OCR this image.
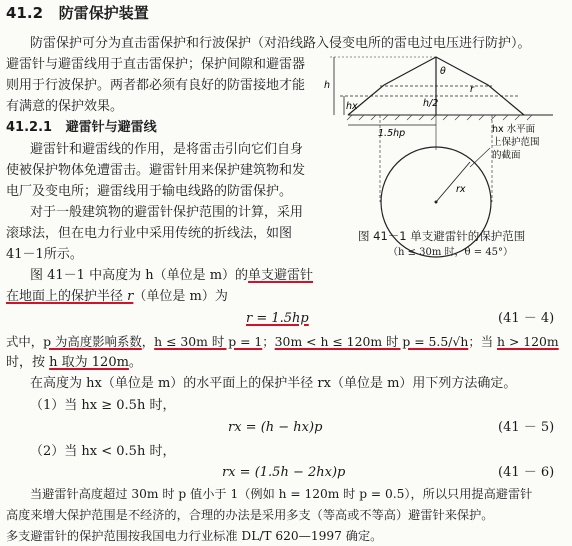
41.2 防雷保护装置
防雷保护可分为直击雷保护和行波保护（对沿线路入侵变电所的雷电过电压进行防护）。
避雷针与避雷线用于直击雷保护；保护间隙和避雷器
则用于行波保护。两者都必须有良好的防雷接地才能
有满意的保护效果。
41.2.1 避雷针与避雷线
避雷针和避雷线的作用，是将雷击引向它们自身
使被保护物体免遭雷击。避雷针用来保护建筑物和发
电厂及变电所；避雷线用于输电线路的防雷保护。
对于一般建筑物的避雷针保护范围的计算，采用
滚球法，但在电力行业中采用传统的折线法，如图
41－1所示。
图 41－1 中高度为 h（单位是 m）的单支避雷针
在地面上的保护半径 r（单位是 m）为
r = 1.5hp	(41 － 4)
式中，p 为高度影响系数，h ≤ 30m 时 p = 1；30m < h ≤ 120m 时 p = 5.5/√h；当 h > 120m
时，按 h 取为 120m。
在高度为 hx（单位是 m）的水平面上的保护半径 rx（单位是 m）用下列方法确定。
（1）当 hx ≥ 0.5h 时，
rx = (h − hx)p	(41 － 5)
（2）当 hx < 0.5h 时，
rx = (1.5h − 2hx)p	(41 － 6)
当避雷针高度超过 30m 时 p 值小于 1（例如 h = 120m 时 p = 0.5），所以只用提高避雷针
高度来增大保护范围是不经济的，合理的办法是采用多支（等高或不等高）避雷针来保护。
多支避雷针的保护范围按我国电力行业标准 DL/T 620—1997 确定。
h
hx	h/2
θ
r
1.5hp
rx
hx 水平面
上保护范围
的截面
图 41－1 单支避雷针的保护范围
（h ≤ 30m 时，θ = 45°）
